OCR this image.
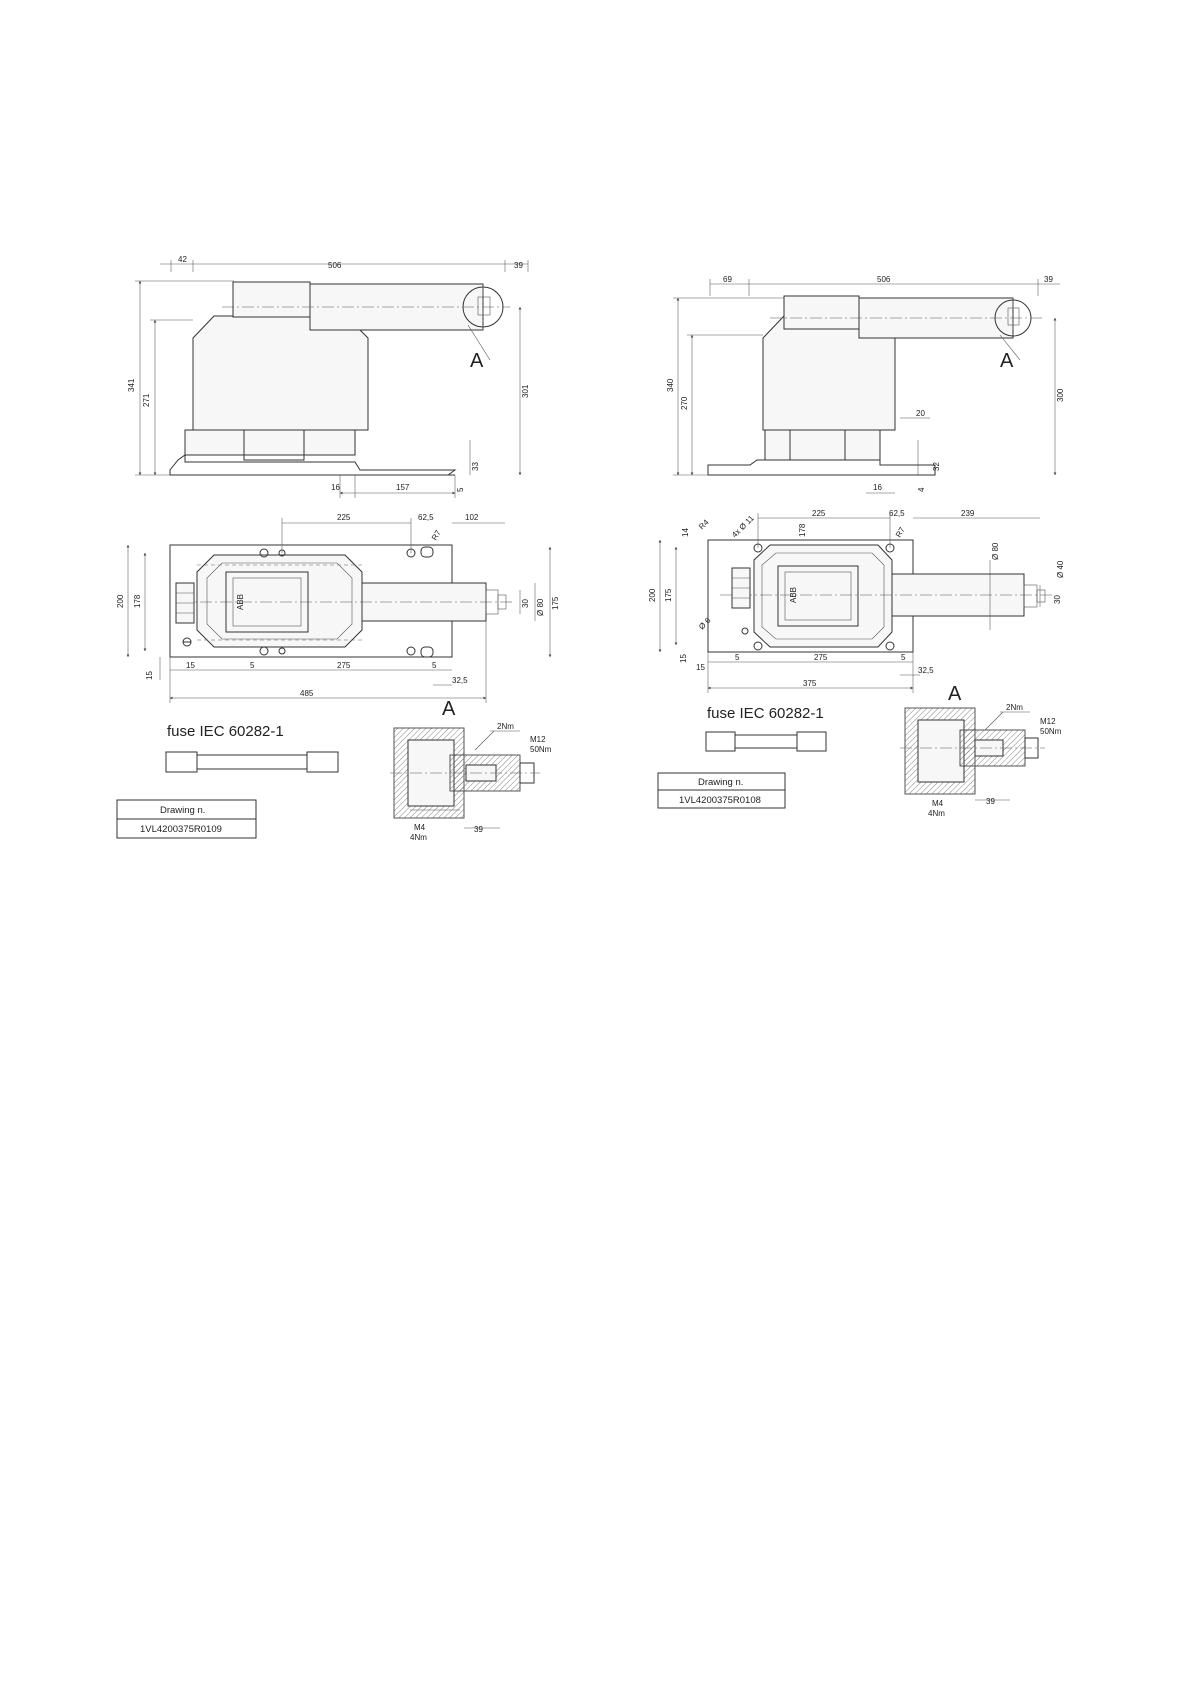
A
42
506	39
341
271
301
33
5
16	157
ABB
225	62,5	102
R7
200 178	175
Ø 80
30
15
15	5	275	5
32,5
485
fuse IEC 60282-1
Drawing n.
1VL4200375R0109
A
2Nm
M12
50Nm
M4
4Nm
39
A
69	506	39
340
270
300
20
32
4
16
ABB
225	62,5	239
R4 4x Ø 11	178	R7
14
200 175
Ø 80
Ø 40
30
Ø 6
15
15
5	275	5
32,5
375
fuse IEC 60282-1
Drawing n.
1VL4200375R0108
A
2Nm
M12
50Nm
M4
4Nm
39
